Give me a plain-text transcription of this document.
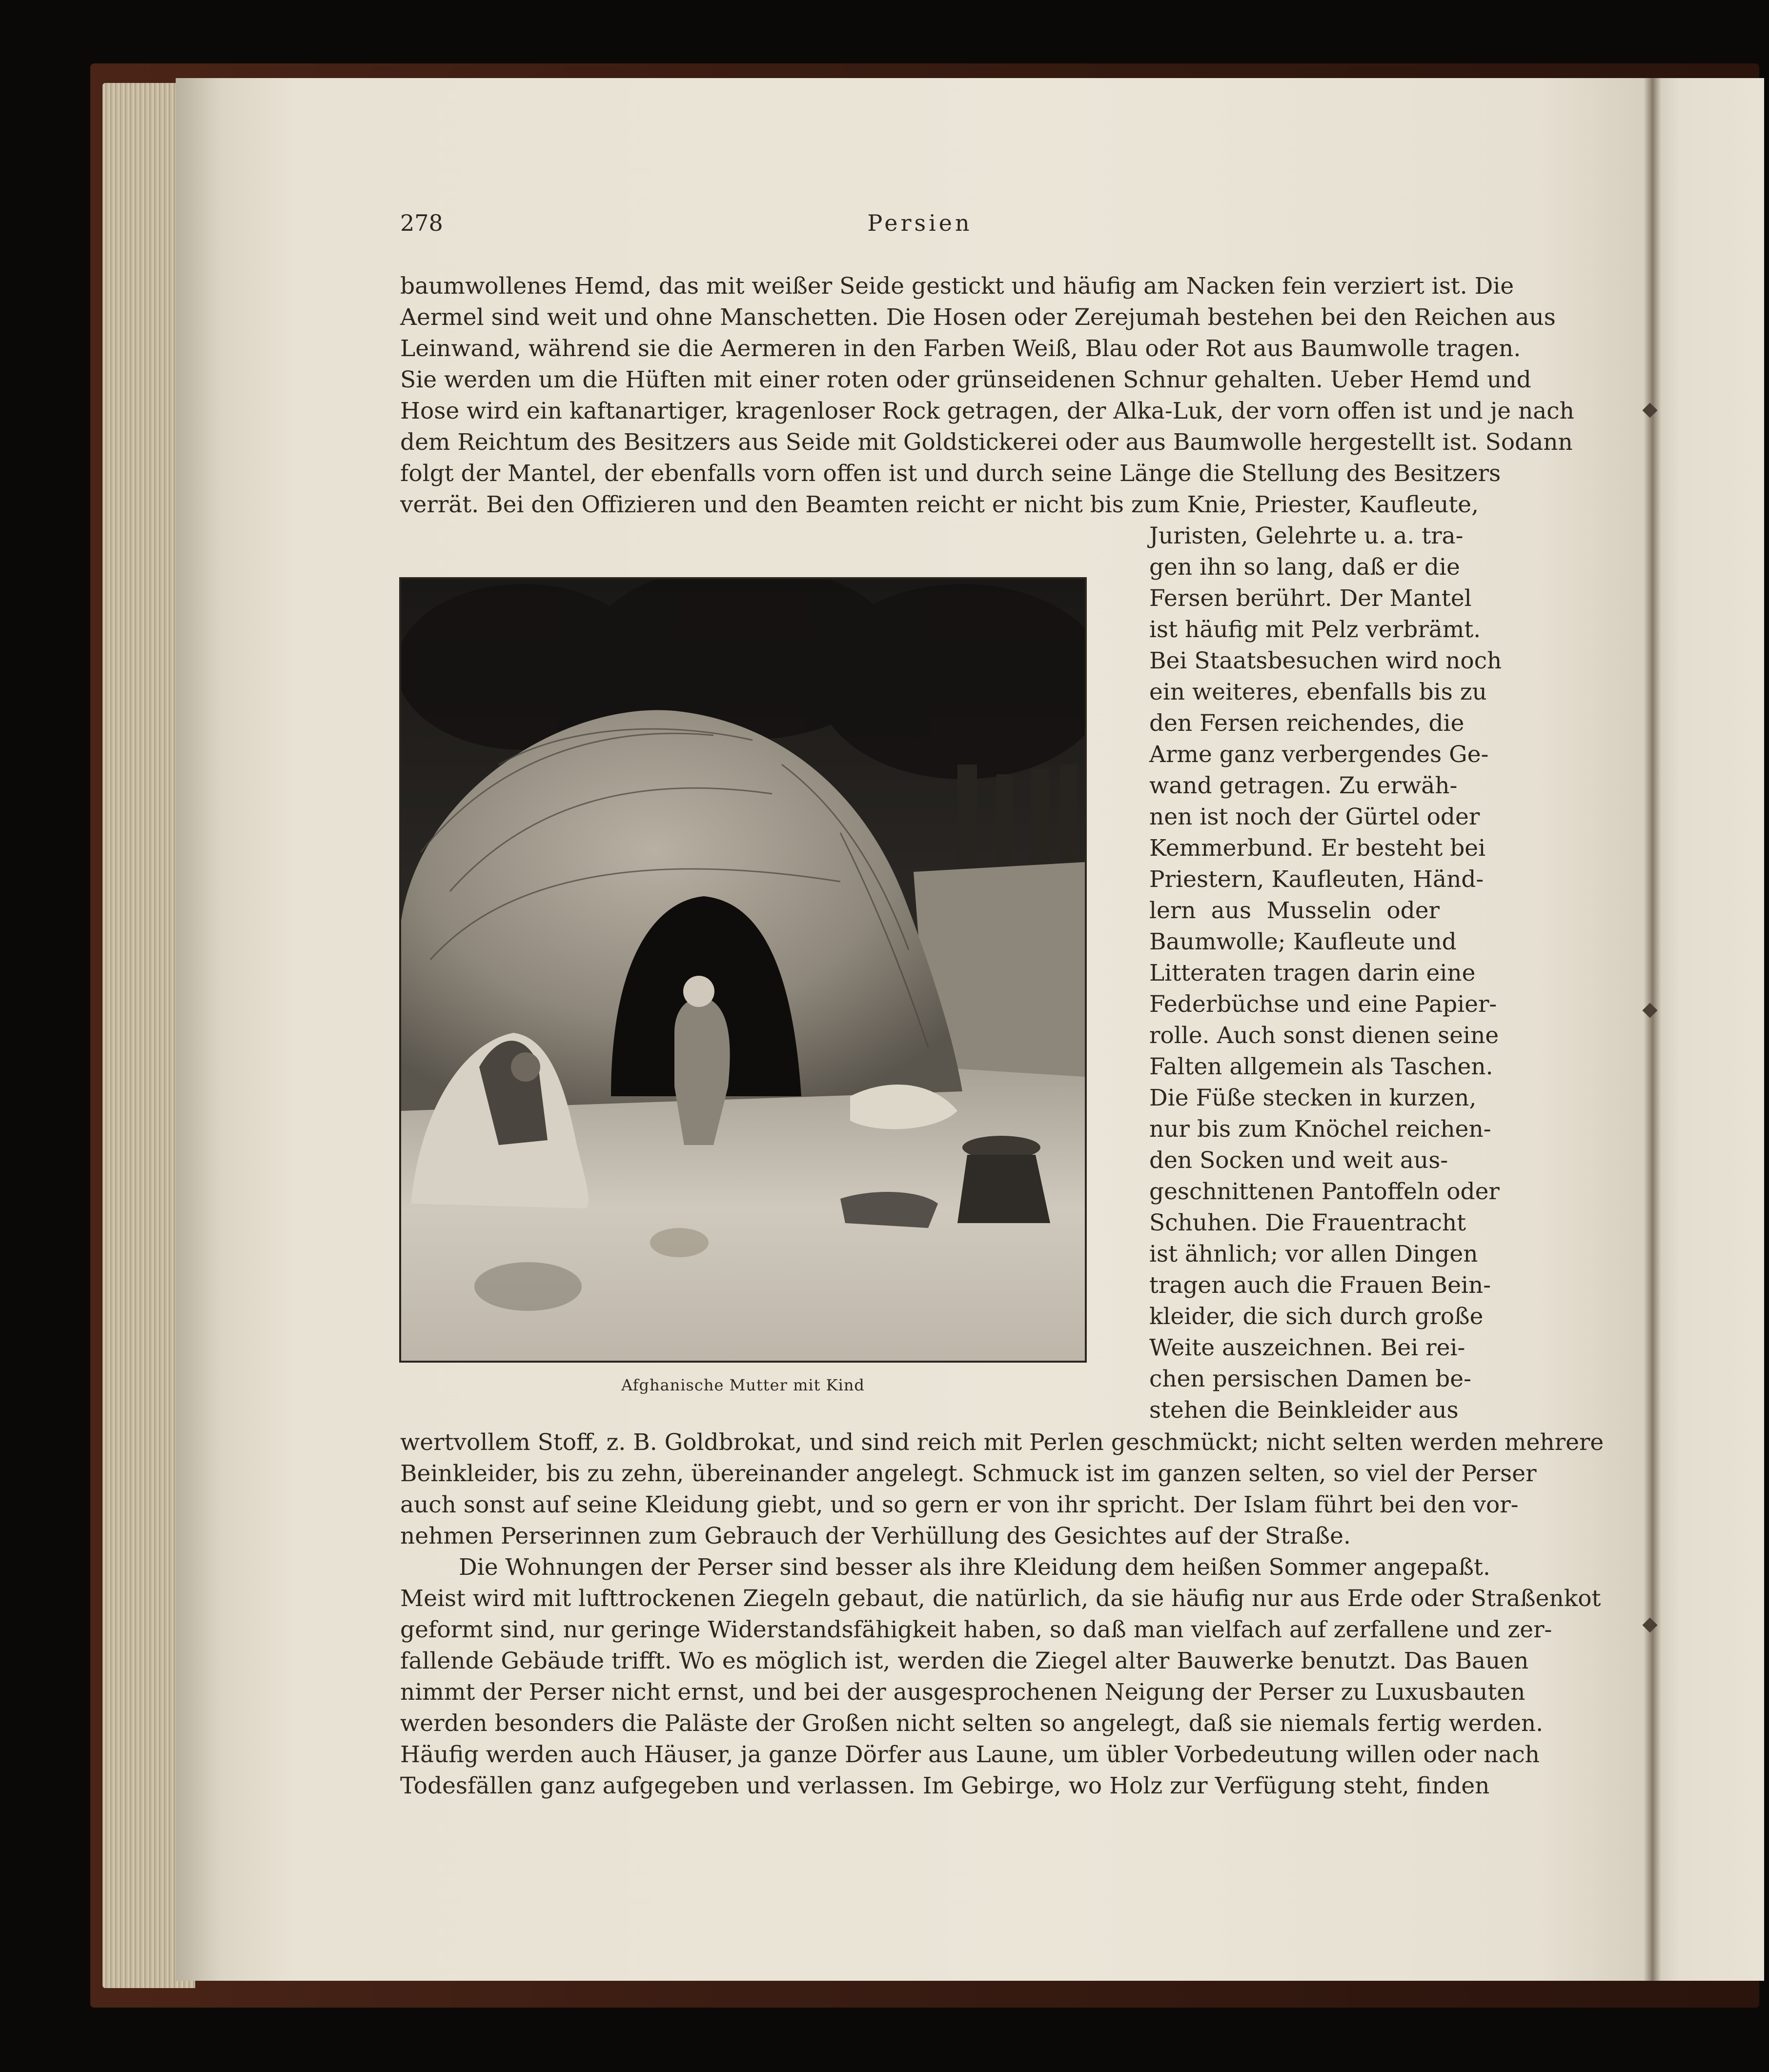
278	Persien
baumwollenes Hemd, das mit weißer Seide gestickt und häufig am Nacken fein verziert ist. Die
Aermel sind weit und ohne Manschetten. Die Hosen oder Zerejumah bestehen bei den Reichen aus
Leinwand, während sie die Aermeren in den Farben Weiß, Blau oder Rot aus Baumwolle tragen.
Sie werden um die Hüften mit einer roten oder grünseidenen Schnur gehalten. Ueber Hemd und
Hose wird ein kaftanartiger, kragenloser Rock getragen, der Alka-Luk, der vorn offen ist und je nach
dem Reichtum des Besitzers aus Seide mit Goldstickerei oder aus Baumwolle hergestellt ist. Sodann
folgt der Mantel, der ebenfalls vorn offen ist und durch seine Länge die Stellung des Besitzers
verrät. Bei den Offizieren und den Beamten reicht er nicht bis zum Knie, Priester, Kaufleute,
Afghanische Mutter mit Kind
Juristen, Gelehrte u. a. tra-
gen ihn so lang, daß er die
Fersen berührt. Der Mantel
ist häufig mit Pelz verbrämt.
Bei Staatsbesuchen wird noch
ein weiteres, ebenfalls bis zu
den Fersen reichendes, die
Arme ganz verbergendes Ge-
wand getragen. Zu erwäh-
nen ist noch der Gürtel oder
Kemmerbund. Er besteht bei
Priestern, Kaufleuten, Händ-
lern aus Musselin oder
Baumwolle; Kaufleute und
Litteraten tragen darin eine
Federbüchse und eine Papier-
rolle. Auch sonst dienen seine
Falten allgemein als Taschen.
Die Füße stecken in kurzen,
nur bis zum Knöchel reichen-
den Socken und weit aus-
geschnittenen Pantoffeln oder
Schuhen. Die Frauentracht
ist ähnlich; vor allen Dingen
tragen auch die Frauen Bein-
kleider, die sich durch große
Weite auszeichnen. Bei rei-
chen persischen Damen be-
stehen die Beinkleider aus
wertvollem Stoff, z. B. Goldbrokat, und sind reich mit Perlen geschmückt; nicht selten werden mehrere
Beinkleider, bis zu zehn, übereinander angelegt. Schmuck ist im ganzen selten, so viel der Perser
auch sonst auf seine Kleidung giebt, und so gern er von ihr spricht. Der Islam führt bei den vor-
nehmen Perserinnen zum Gebrauch der Verhüllung des Gesichtes auf der Straße.
Die Wohnungen der Perser sind besser als ihre Kleidung dem heißen Sommer angepaßt.
Meist wird mit lufttrockenen Ziegeln gebaut, die natürlich, da sie häufig nur aus Erde oder Straßenkot
geformt sind, nur geringe Widerstandsfähigkeit haben, so daß man vielfach auf zerfallene und zer-
fallende Gebäude trifft. Wo es möglich ist, werden die Ziegel alter Bauwerke benutzt. Das Bauen
nimmt der Perser nicht ernst, und bei der ausgesprochenen Neigung der Perser zu Luxusbauten
werden besonders die Paläste der Großen nicht selten so angelegt, daß sie niemals fertig werden.
Häufig werden auch Häuser, ja ganze Dörfer aus Laune, um übler Vorbedeutung willen oder nach
Todesfällen ganz aufgegeben und verlassen. Im Gebirge, wo Holz zur Verfügung steht, finden
